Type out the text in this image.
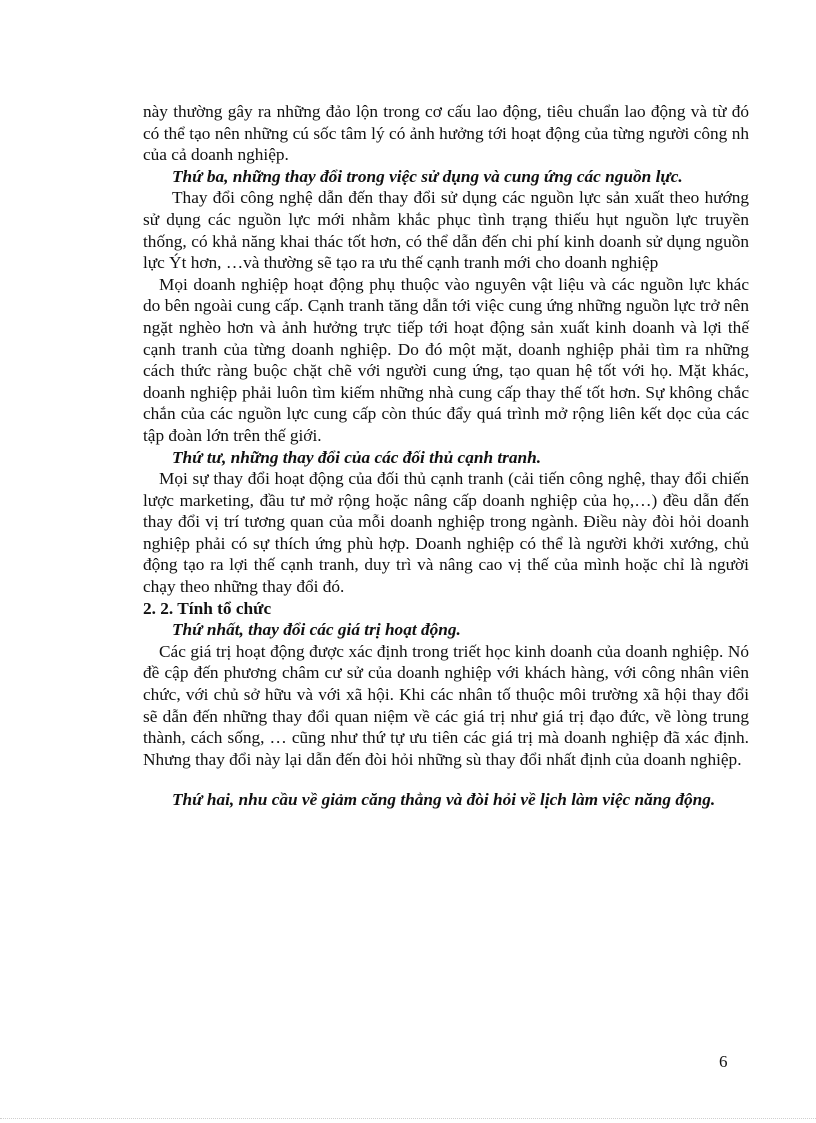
này thường gây ra những đảo lộn trong cơ cấu lao động, tiêu chuẩn lao động và từ đó có thể tạo nên những cú sốc tâm lý có ảnh hưởng tới hoạt động của từng người công nh của cả doanh nghiệp.

Thứ ba, những thay đổi trong việc sử dụng và cung ứng các nguồn lực.

Thay đổi công nghệ dẫn đến thay đổi sử dụng các nguồn lực sản xuất theo hướng sử dụng các nguồn lực mới nhằm khắc phục tình trạng thiếu hụt nguồn lực truyền thống, có khả năng khai thác tốt hơn, có thể dẫn đến chi phí kinh doanh sử dụng nguồn lực Ýt hơn, …và thường sẽ tạo ra ưu thế cạnh tranh mới cho doanh nghiệp

Mọi doanh nghiệp hoạt động phụ thuộc vào nguyên vật liệu và các nguồn lực khác do bên ngoài cung cấp. Cạnh tranh tăng dẫn tới việc cung ứng những nguồn lực trở nên ngặt nghèo hơn và ảnh hưởng trực tiếp tới hoạt động sản xuất kinh doanh và lợi thế cạnh tranh của từng doanh nghiệp. Do đó một mặt, doanh nghiệp phải tìm ra những cách thức ràng buộc chặt chẽ với người cung ứng, tạo quan hệ tốt với họ. Mặt khác, doanh nghiệp phải luôn tìm kiếm những nhà cung cấp thay thế tốt hơn. Sự không chắc chắn của các nguồn lực cung cấp còn thúc đẩy quá trình mở rộng liên kết dọc của các tập đoàn lớn trên thế giới.

Thứ tư, những thay đổi của các đối thủ cạnh tranh.

Mọi sự thay đổi hoạt động của đối thủ cạnh tranh (cải tiến công nghệ, thay đổi chiến lược marketing, đầu tư mở rộng hoặc nâng cấp doanh nghiệp của họ,…) đều dẫn đến thay đổi vị trí tương quan của mỗi doanh nghiệp trong ngành. Điều này đòi hỏi doanh nghiệp phải có sự thích ứng phù hợp. Doanh nghiệp có thể là người khởi xướng, chủ động tạo ra lợi thế cạnh tranh, duy trì và nâng cao vị thế của mình hoặc chỉ là người chạy theo những thay đổi đó.

2. 2. Tính tổ chức

Thứ nhất, thay đổi các giá trị hoạt động.

Các giá trị hoạt động được xác định trong triết học kinh doanh của doanh nghiệp. Nó đề cập đến phương châm cư sử của doanh nghiệp với khách hàng, với công nhân viên chức, với chủ sở hữu và với xã hội. Khi các nhân tố thuộc môi trường xã hội thay đổi sẽ dẫn đến những thay đổi quan niệm về các giá trị như giá trị đạo đức, về lòng trung thành, cách sống, … cũng như thứ tự ưu tiên các giá trị mà doanh nghiệp đã xác định. Nhưng thay đổi này lại dẫn đến đòi hỏi những sù thay đổi nhất định của doanh nghiệp.

Thứ hai, nhu cầu về giảm căng thẳng và đòi hỏi về lịch làm việc năng động.

6
